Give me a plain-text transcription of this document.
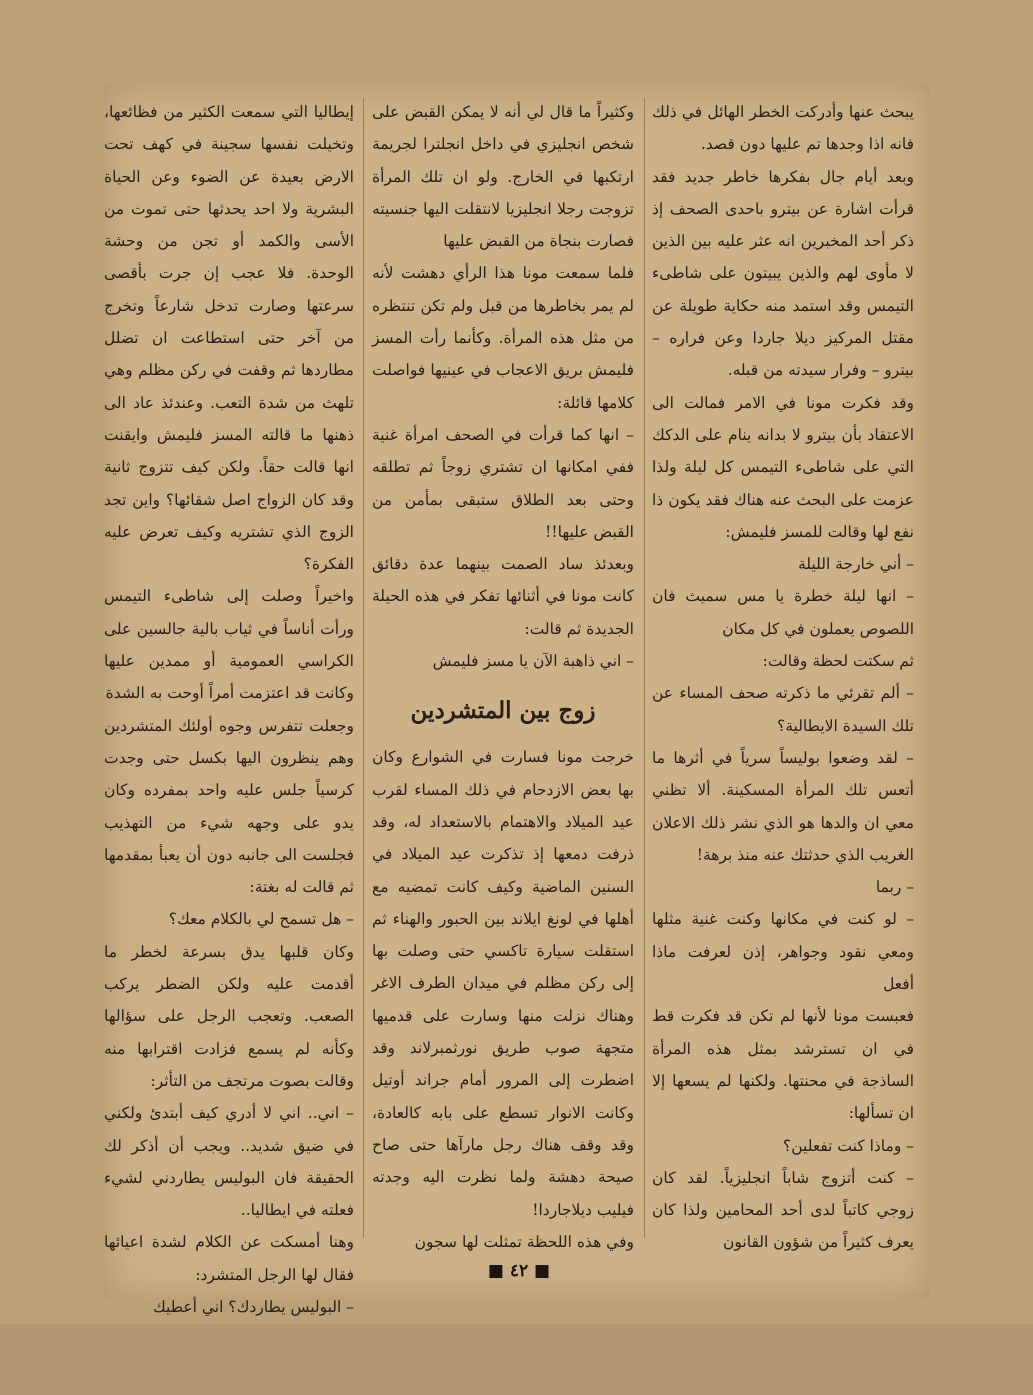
يبحث عنها وأدركت الخطر الهائل في ذلك فانه اذا وجدها تم عليها دون قصد.

وبعد أيام جال بفكرها خاطر جديد فقد قرأت اشارة عن بيترو باحدى الصحف إذ ذكر أحد المخبرين انه عثر عليه بين الذين لا مأوى لهم والذين يبيتون على شاطىء التيمس وقد استمد منه حكاية طويلة عن مقتل المركيز ديلا جاردا وعن فراره – بيترو – وفرار سيدته من قبله.

وقد فكرت مونا في الامر فمالت الى الاعتقاد بأن بيترو لا بدانه ينام على الدكك التي على شاطىء التيمس كل ليلة ولذا عزمت على البحث عنه هناك فقد يكون ذا نفع لها وقالت للمسز فليمش:

– أني خارجة الليلة

– انها ليلة خطرة يا مس سميث فان اللصوص يعملون في كل مكان

ثم سكتت لحظة وقالت:

– ألم تقرئي ما ذكرته صحف المساء عن تلك السيدة الايطالية؟

– لقد وضعوا بوليساً سرياً في أثرها ما أتعس تلك المرأة المسكينة. ألا تظني معي ان والدها هو الذي نشر ذلك الاعلان الغريب الذي حدثتك عنه منذ برهة!

– ربما

– لو كنت في مكانها وكنت غنية مثلها ومعي نقود وجواهر، إذن لعرفت ماذا أفعل

فعبست مونا لأنها لم تكن قد فكرت قط في ان تسترشد بمثل هذه المرأة الساذجة في محنتها. ولكنها لم يسعها إلا ان تسألها:

– وماذا كنت تفعلين؟

– كنت أتزوج شاباً انجليزياً. لقد كان زوجي كاتباً لدى أحد المحامين ولذا كان يعرف كثيراً من شؤون القانون

وكثيراً ما قال لي أنه لا يمكن القبض على شخص انجليزي في داخل انجلترا لجريمة ارتكبها في الخارج. ولو ان تلك المرأة تزوجت رجلا انجليزيا لانتقلت اليها جنسيته فصارت بنجاة من القبض عليها

فلما سمعت مونا هذا الرأي دهشت لأنه لم يمر بخاطرها من قبل ولم تكن تنتظره من مثل هذه المرأة. وكأنما رأت المسز فليمش بريق الاعجاب في عينيها فواصلت كلامها قائلة:

– انها كما قرأت في الصحف امرأة غنية ففي امكانها ان تشتري زوجاً ثم تطلقه وحتى بعد الطلاق ستبقى بمأمن من القبض عليها!!

وبعدئذ ساد الصمت بينهما عدة دقائق كانت مونا في أثنائها تفكر في هذه الحيلة الجديدة ثم قالت:

– اني ذاهبة الآن يا مسز فليمش

زوج بين المتشردين

خرجت مونا فسارت في الشوارع وكان بها بعض الازدحام في ذلك المساء لقرب عيد الميلاد والاهتمام بالاستعداد له، وقد ذرفت دمعها إذ تذكرت عيد الميلاد في السنين الماضية وكيف كانت تمضيه مع أهلها في لونغ ايلاند بين الحبور والهناء ثم استقلت سيارة تاكسي حتى وصلت بها إلى ركن مظلم في ميدان الطرف الاغر وهناك نزلت منها وسارت على قدميها متجهة صوب طريق نورثمبرلاند وقد اضطرت إلى المرور أمام جراند أوتيل وكانت الانوار تسطع على بابه كالعادة، وقد وقف هناك رجل مارآها حتى صاح صيحة دهشة ولما نظرت اليه وجدته فيليب ديلاجاردا!

وفي هذه اللحظة تمثلت لها سجون

إيطاليا التي سمعت الكثير من فظائعها، وتخيلت نفسها سجينة في كهف تحت الارض بعيدة عن الضوء وعن الحياة البشرية ولا احد يحدثها حتى تموت من الأسى والكمد أو تجن من وحشة الوحدة. فلا عجب إن جرت بأقصى سرعتها وصارت تدخل شارعاً وتخرج من آخر حتى استطاعت ان تضلل مطاردها ثم وقفت في ركن مظلم وهي تلهث من شدة التعب. وعندئذ عاد الى ذهنها ما قالته المسز فليمش وايقنت انها قالت حقاً. ولكن كيف تتزوج ثانية وقد كان الزواج اصل شقائها؟ واين تجد الزوج الذي تشتريه وكيف تعرض عليه الفكرة؟

واخيراً وصلت إلى شاطىء التيمس ورأت أناساً في ثياب بالية جالسين على الكراسي العمومية أو ممدين عليها وكانت قد اعتزمت أمراً أوحت به الشدة

وجعلت تتفرس وجوه أولئك المتشردين وهم ينظرون اليها بكسل حتى وجدت كرسياً جلس عليه واحد بمفرده وكان يدو على وجهه شيء من التهذيب فجلست الى جانبه دون أن يعبأ بمقدمها ثم قالت له بغتة:

– هل تسمح لي بالكلام معك؟

وكان قلبها يدق بسرعة لخطر ما أقدمت عليه ولكن الضطر يركب الصعب. وتعجب الرجل على سؤالها وكأنه لم يسمع فزادت اقترابها منه وقالت بصوت مرتجف من التأثر:

– اني.. اني لا أدري كيف أبتدئ ولكني في ضيق شديد.. ويجب أن أذكر لك الحقيقة فان البوليس يطاردني لشيء فعلته في ايطاليا..

وهنا أمسكت عن الكلام لشدة اعيائها فقال لها الرجل المتشرد:

– البوليس يطاردك؟ اني أعطيك

■ ٤٢ ■
